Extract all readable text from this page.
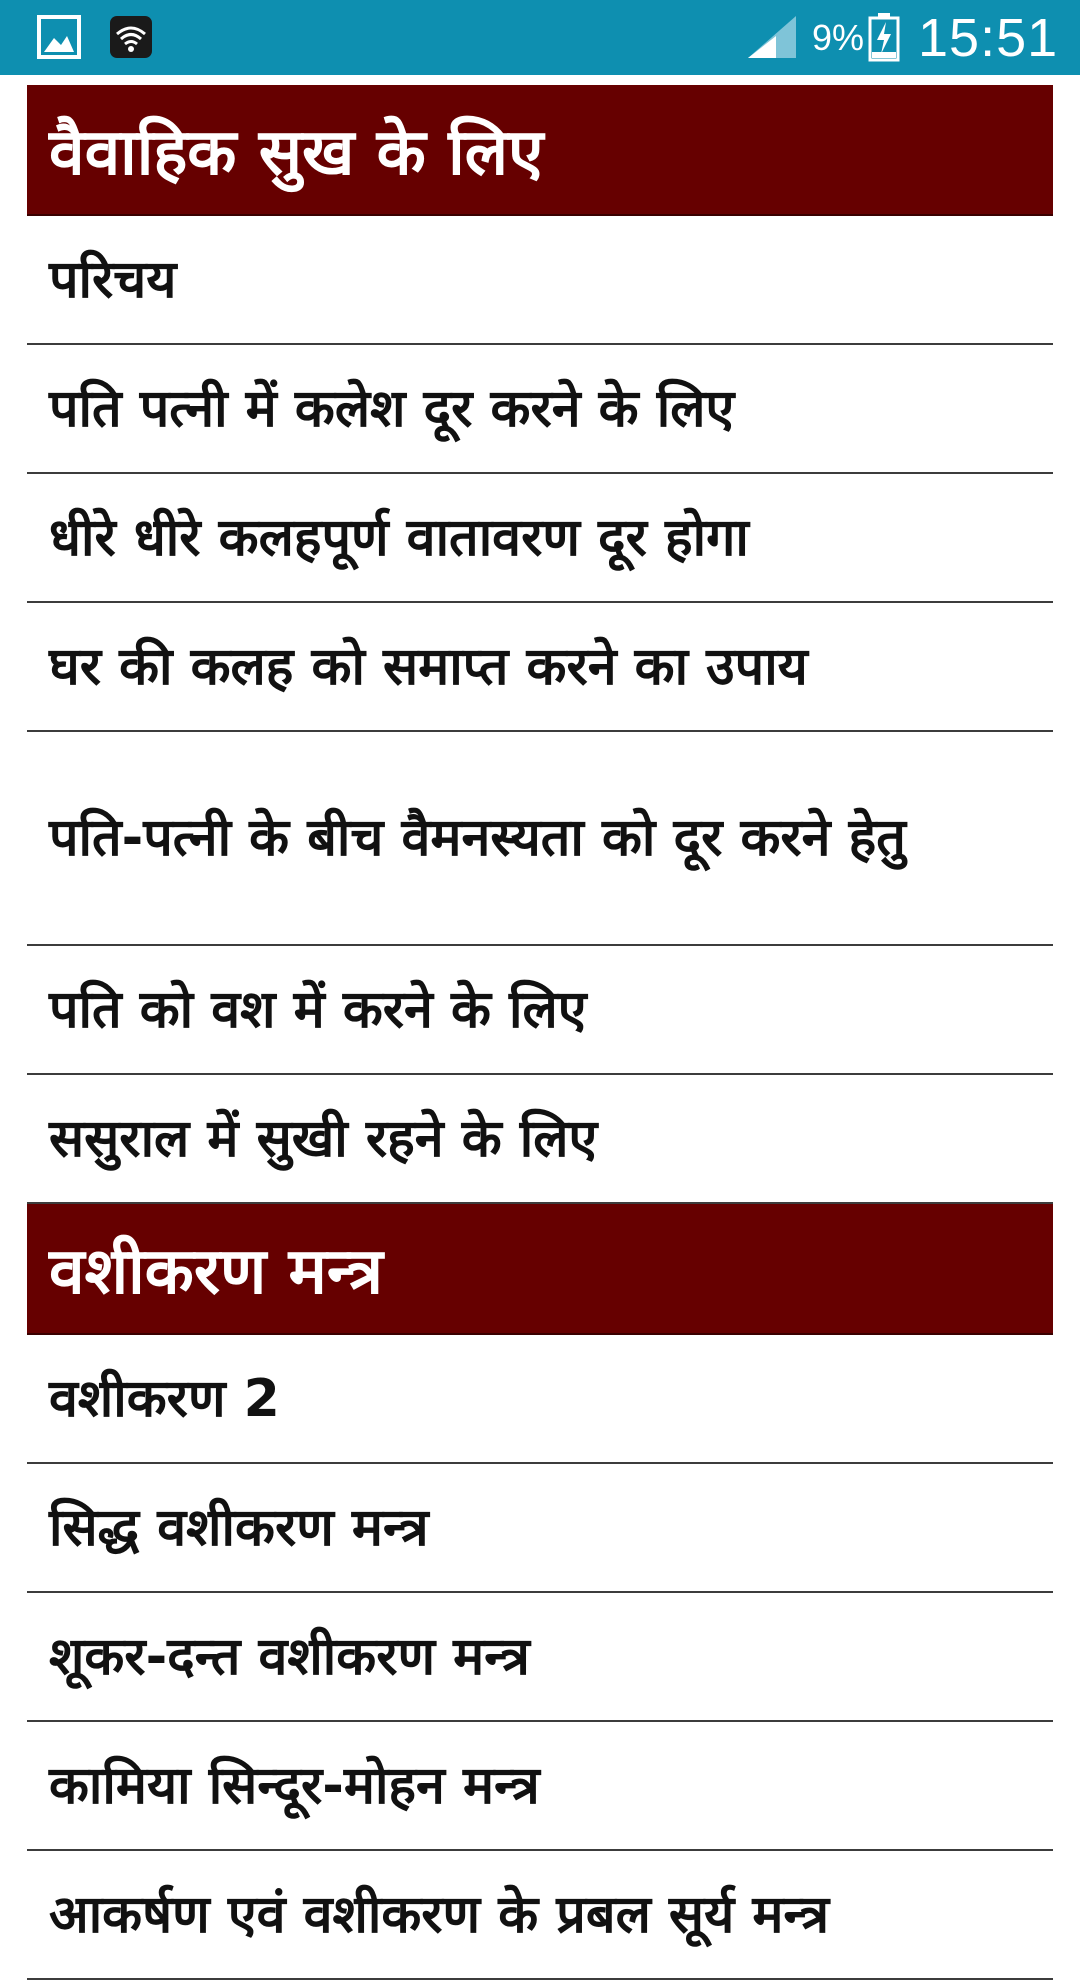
9% 15:51
वैवाहिक सुख के लिए
परिचय
पति पत्नी में कलेश दूर करने के लिए
धीरे धीरे कलहपूर्ण वातावरण दूर होगा
घर की कलह को समाप्त करने का उपाय
पति-पत्नी के बीच वैमनस्यता को दूर करने हेतु
पति को वश में करने के लिए
ससुराल में सुखी रहने के लिए
वशीकरण मन्त्र
वशीकरण 2
सिद्ध वशीकरण मन्त्र
शूकर-दन्त वशीकरण मन्त्र
कामिया सिन्दूर-मोहन मन्त्र
आकर्षण एवं वशीकरण के प्रबल सूर्य मन्त्र
